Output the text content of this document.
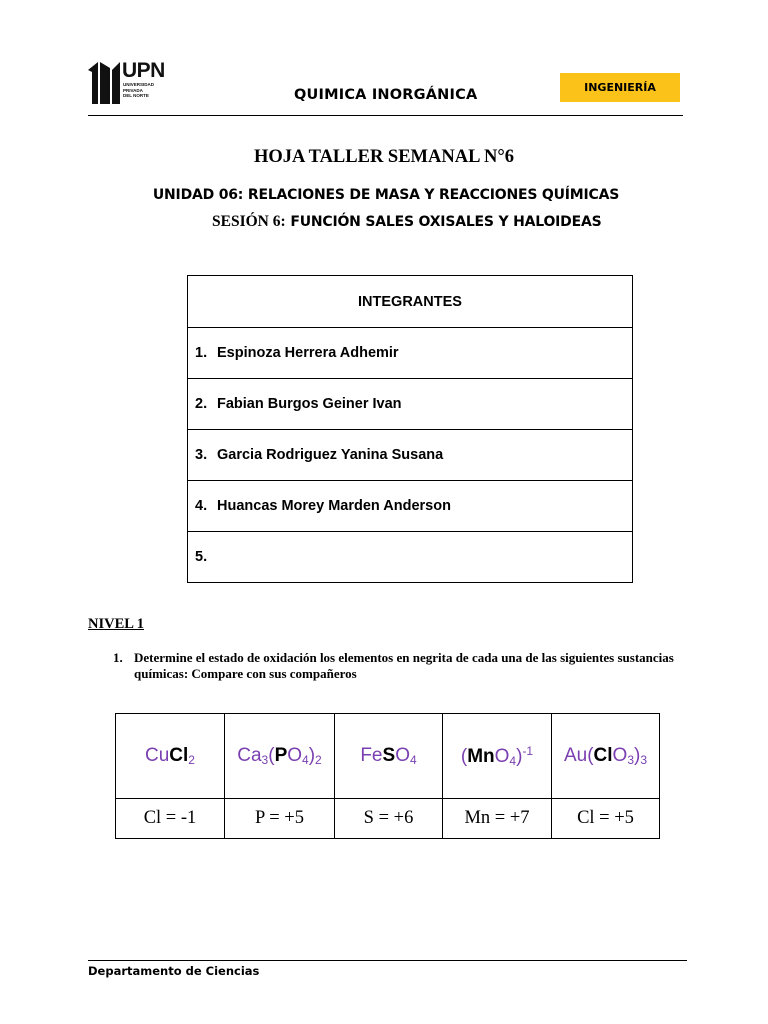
UPN
UNIVERSIDAD
PRIVADA
DEL NORTE	QUIMICA INORGÁNICA	INGENIERÍA
HOJA TALLER SEMANAL N°6
UNIDAD 06: RELACIONES DE MASA Y REACCIONES QUÍMICAS
SESIÓN 6: FUNCIÓN SALES OXISALES Y HALOIDEAS
INTEGRANTES
1. Espinoza Herrera Adhemir
2. Fabian Burgos Geiner Ivan
3. Garcia Rodriguez Yanina Susana
4. Huancas Morey Marden Anderson
5.
NIVEL 1
1. Determine el estado de oxidación los elementos en negrita de cada una de las siguientes sustancias químicas: Compare con sus compañeros
CuCl$_2$	$Ca_3(PO_4)_2$	FeSO$_4$	$(MnO_4)^{-1}$	$Au(ClO_3)_3$
Cl = -1	P = +5	S = +6	Mn = +7	Cl = +5
Departamento de Ciencias
